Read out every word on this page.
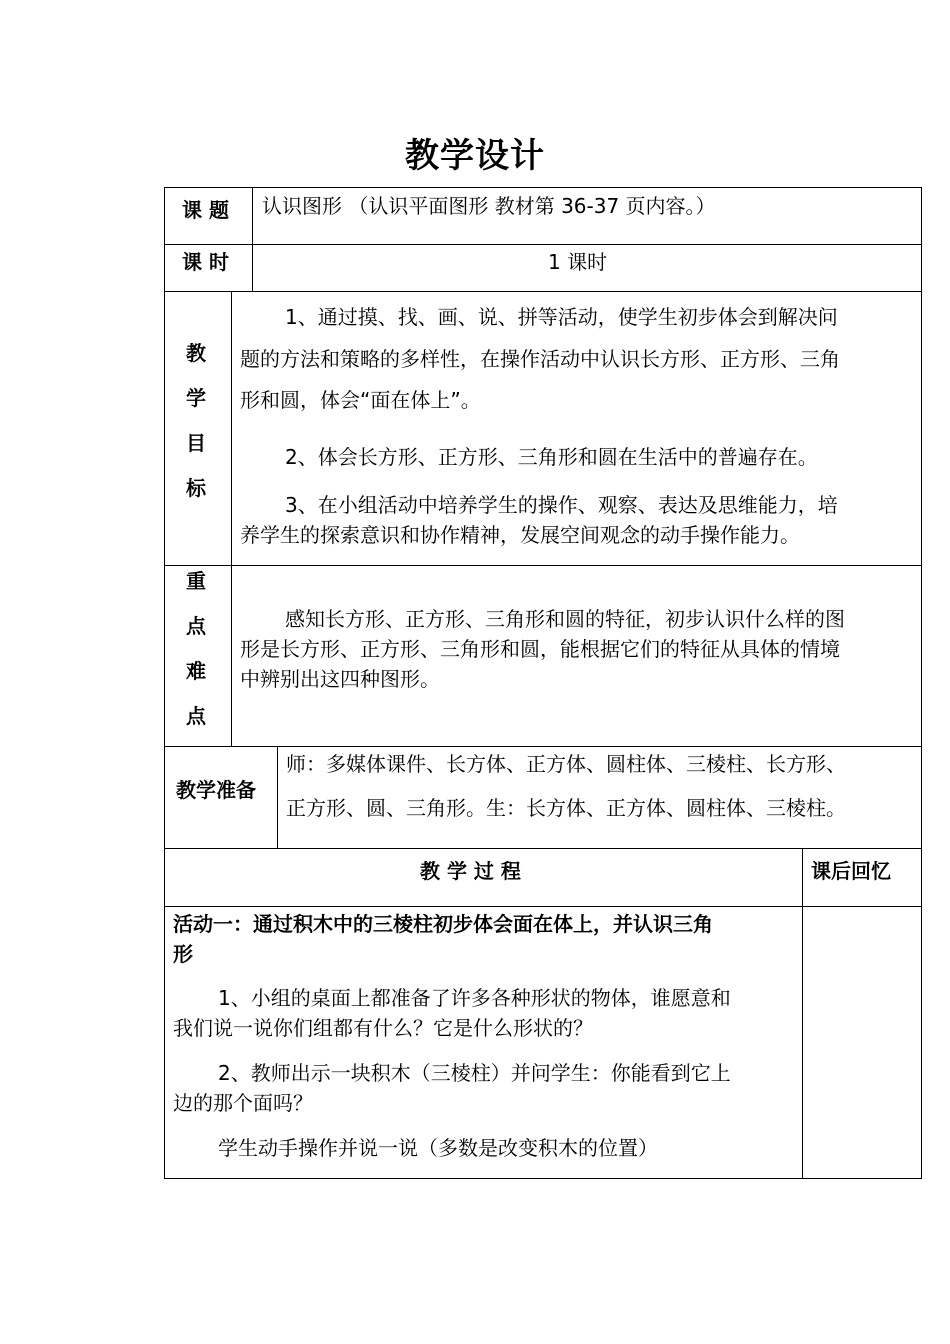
教学设计
课 题 认识图形 （认识平面图形 教材第 36-37 页内容。）
课 时	1 课时
教
学
目
标
1、通过摸、找、画、说、拼等活动，使学生初步体会到解决问
题的方法和策略的多样性，在操作活动中认识长方形、正方形、三角
形和圆，体会“面在体上”。
2、体会长方形、正方形、三角形和圆在生活中的普遍存在。
3、在小组活动中培养学生的操作、观察、表达及思维能力，培
养学生的探索意识和协作精神，发展空间观念的动手操作能力。
重
点
难
点
感知长方形、正方形、三角形和圆的特征，初步认识什么样的图
形是长方形、正方形、三角形和圆，能根据它们的特征从具体的情境
中辨别出这四种图形。
教学准备
师：多媒体课件、长方体、正方体、圆柱体、三棱柱、长方形、
正方形、圆、三角形。生：长方体、正方体、圆柱体、三棱柱。
教 学 过 程	课后回忆
活动一：通过积木中的三棱柱初步体会面在体上，并认识三角
形
1、小组的桌面上都准备了许多各种形状的物体，谁愿意和
我们说一说你们组都有什么？它是什么形状的？
2、教师出示一块积木（三棱柱）并问学生：你能看到它上
边的那个面吗？
学生动手操作并说一说（多数是改变积木的位置）
